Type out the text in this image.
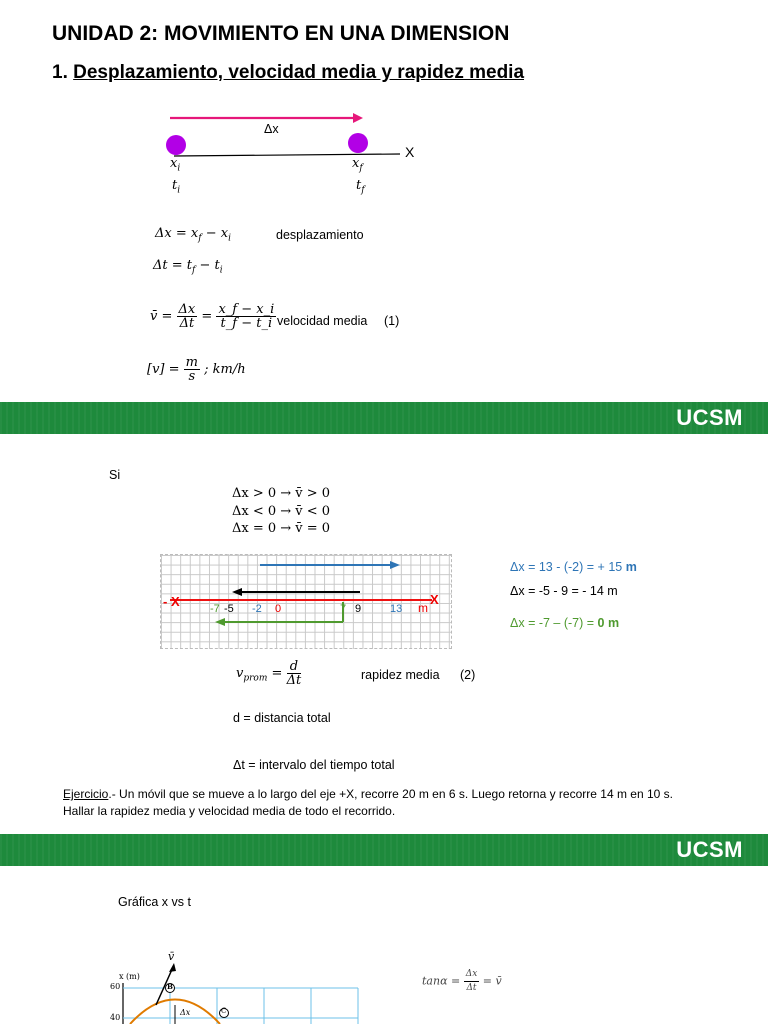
UNIDAD 2: MOVIMIENTO EN UNA DIMENSION
1. Desplazamiento, velocidad media y rapidez media
Δx
X
$x_i$	$x_f$
$t_i$	$t_f$
$\Delta x = x_f - x_i$	desplazamiento
$\Delta t = t_f - t_i$
v̄ = $\frac{\Delta x}{\Delta t} = \frac{x\_f - x\_i}{t\_f - t\_i}$ velocidad media (1)
$[v] = \frac{m}{s}$ ; km/h
UCSM
Si
Δx > 0 → v̄ > 0
Δx < 0 → v̄ < 0
Δx = 0 → v̄ = 0
- X	X
m
-7 -5 -2 0	7 9	13
Δx = 13 - (-2) = + 15 m
Δx = -5 - 9 = - 14 m
Δx = -7 – (-7) = 0 m
$v_{prom} = \frac{d}{\Delta t}$	rapidez media (2)
d = distancia total
Δt = intervalo del tiempo total
Ejercicio.- Un móvil que se mueve a lo largo del eje +X, recorre 20 m en 6 s. Luego retorna y recorre 14 m en 10 s.
Hallar la rapidez media y velocidad media de todo el recorrido.
UCSM
Gráfica x vs t
$\tan\alpha = \frac{\Delta x}{\Delta t}$ = v̄
v̄
x (m)
60
40
B
C
Δx
